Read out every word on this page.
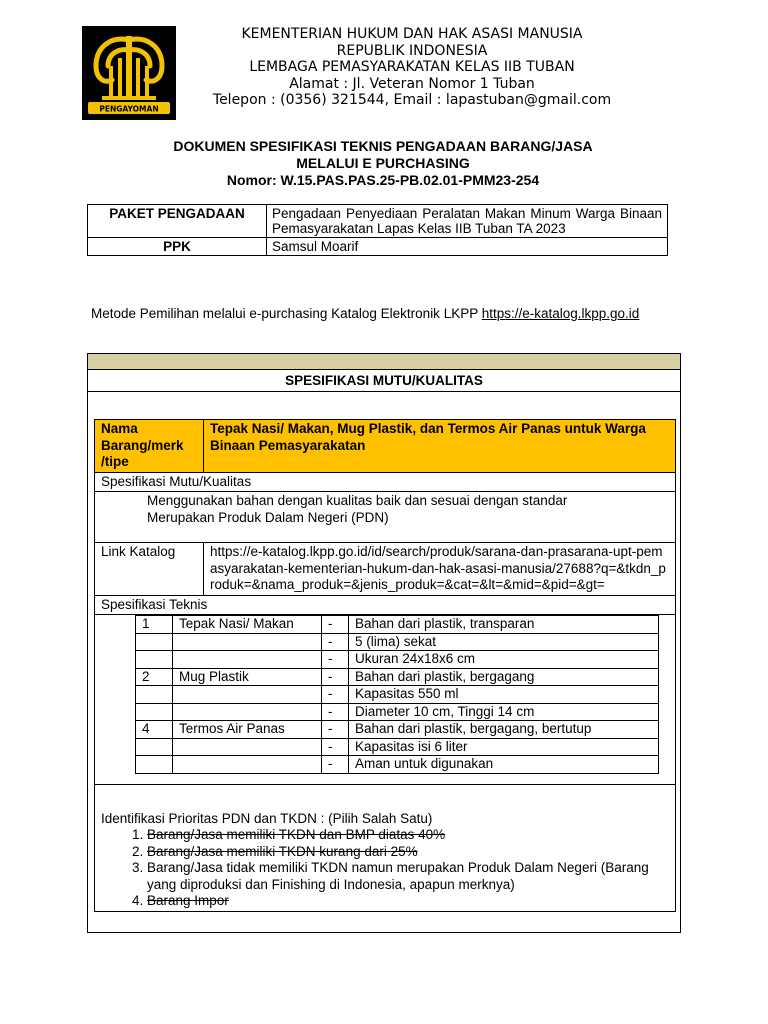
PENGAYOMAN
KEMENTERIAN HUKUM DAN HAK ASASI MANUSIA
REPUBLIK INDONESIA
LEMBAGA PEMASYARAKATAN KELAS IIB TUBAN
Alamat : Jl. Veteran Nomor 1 Tuban
Telepon : (0356) 321544, Email : lapastuban@gmail.com
DOKUMEN SPESIFIKASI TEKNIS PENGADAAN BARANG/JASA
MELALUI E PURCHASING
Nomor: W.15.PAS.PAS.25-PB.02.01-PMM23-254
PAKET PENGADAAN	Pengadaan Penyediaan Peralatan Makan Minum Warga Binaan Pemasyarakatan Lapas Kelas IIB Tuban TA 2023
PPK	Samsul Moarif
Metode Pemilihan melalui e-purchasing Katalog Elektronik LKPP https://e-katalog.lkpp.go.id
SPESIFIKASI MUTU/KUALITAS
Nama Barang/merk /tipe	Tepak Nasi/ Makan, Mug Plastik, dan Termos Air Panas untuk Warga Binaan Pemasyarakatan
Spesifikasi Mutu/Kualitas

Menggunakan bahan dengan kualitas baik dan sesuai dengan standar
Merupakan Produk Dalam Negeri (PDN)

Link Katalog	https://e-katalog.lkpp.go.id/id/search/produk/sarana-dan-prasarana-upt-pemasyarakatan-kementerian-hukum-dan-hak-asasi-manusia/27688?q=&tkdn_produk=&nama_produk=&jenis_produk=&cat=&lt=&mid=&pid=&gt=
Spesifikasi Teknis

1	Tepak Nasi/ Makan	-	Bahan dari plastik, transparan
		-	5 (lima) sekat
		-	Ukuran 24x18x6 cm
2	Mug Plastik	-	Bahan dari plastik, bergagang
		-	Kapasitas 550 ml
		-	Diameter 10 cm, Tinggi 14 cm
4	Termos Air Panas	-	Bahan dari plastik, bergagang, bertutup
		-	Kapasitas isi 6 liter
		-	Aman untuk digunakan

Identifikasi Prioritas PDN dan TKDN : (Pilih Salah Satu)
1. Barang/Jasa memiliki TKDN dan BMP diatas 40%
2. Barang/Jasa memiliki TKDN kurang dari 25%
3. Barang/Jasa tidak memiliki TKDN namun merupakan Produk Dalam Negeri (Barang yang diproduksi dan Finishing di Indonesia, apapun merknya)
4. Barang Impor
